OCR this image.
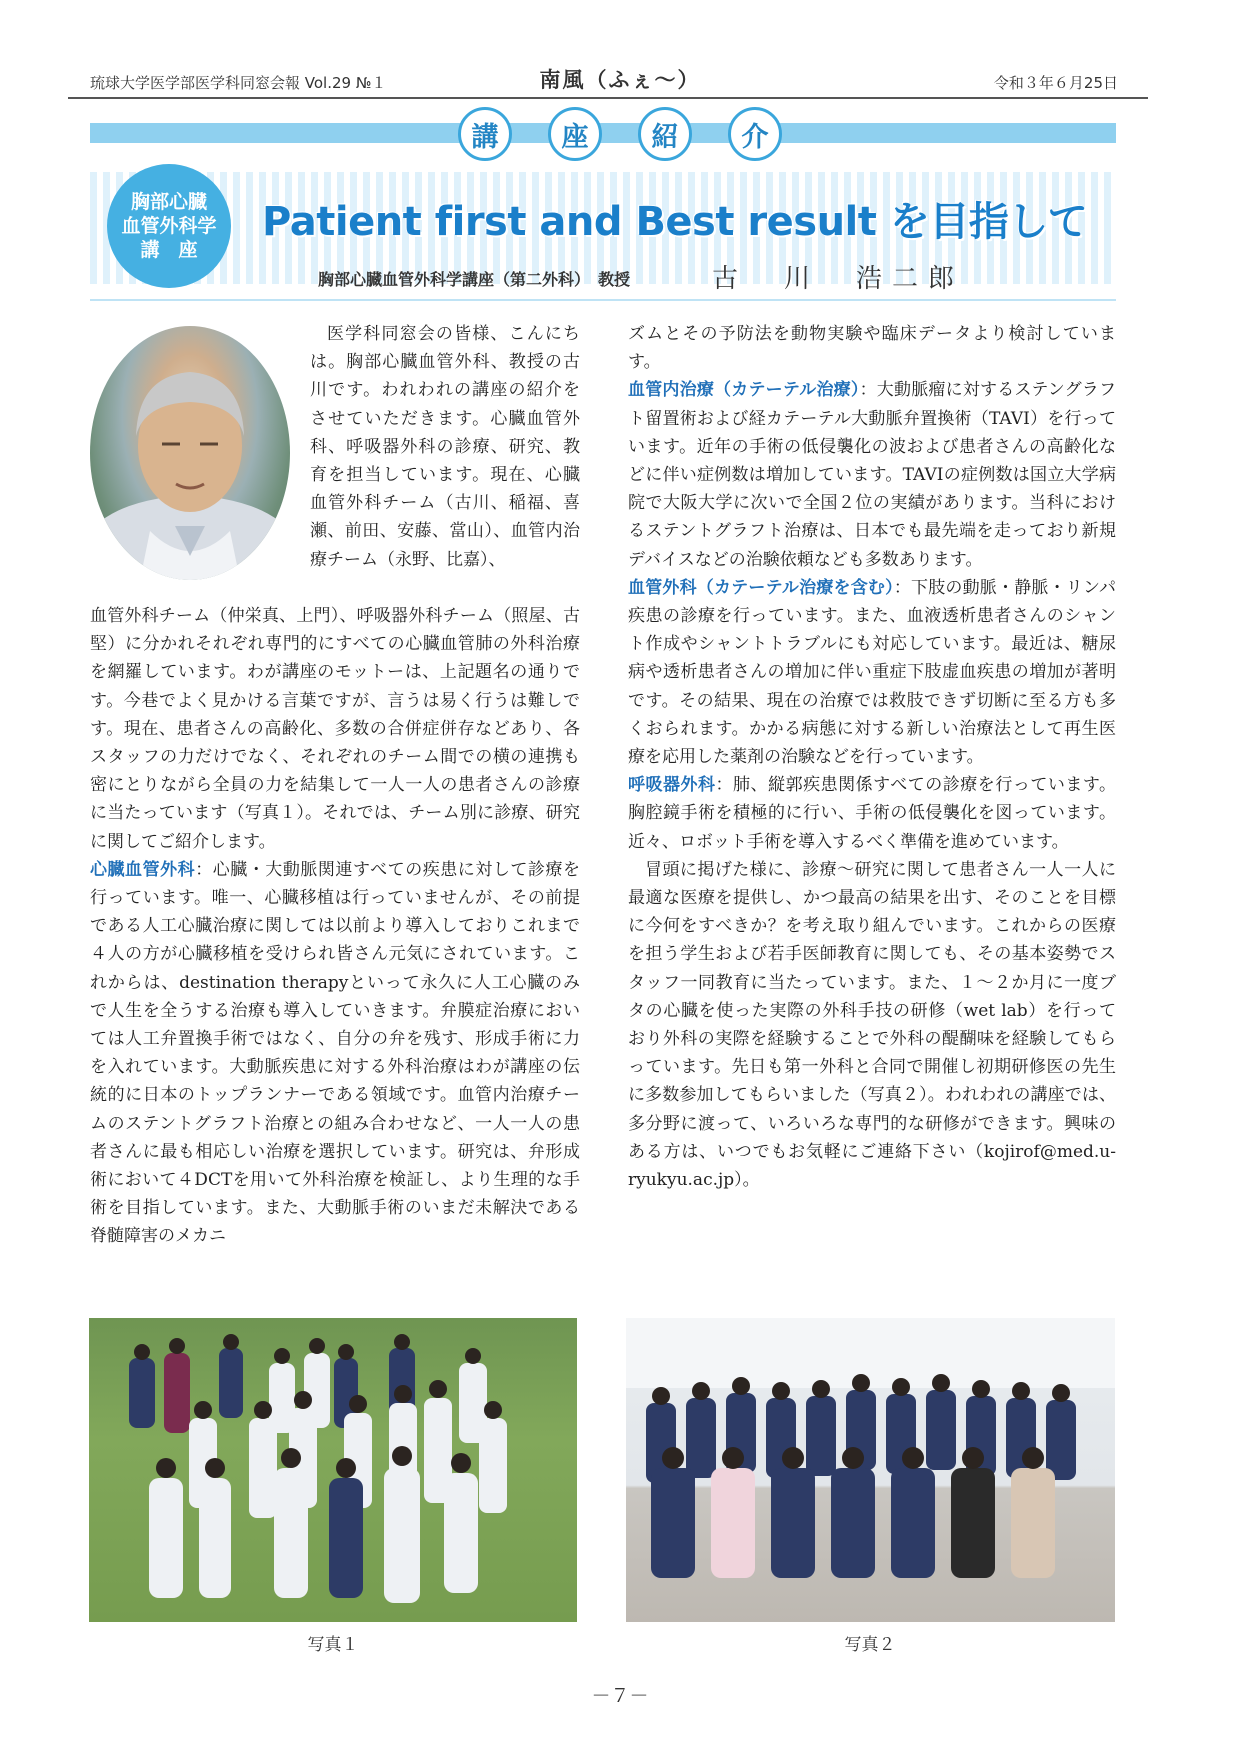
琉球大学医学部医学科同窓会報 Vol.29 №１	南風（ふぇ～）	令和３年６月25日
講	座	紹	介
胸部心臓
血管外科学
講　座
Patient first and Best result を目指して
胸部心臓血管外科学講座（第二外科）　教授	古　川　浩二郎

医学科同窓会の皆様、こんにちは。胸部心臓血管外科、教授の古川です。われわれの講座の紹介をさせていただきます。心臓血管外科、呼吸器外科の診療、研究、教育を担当しています。現在、心臓血管外科チーム（古川、稲福、喜瀬、前田、安藤、當山）、血管内治療チーム（永野、比嘉）、

血管外科チーム（仲栄真、上門）、呼吸器外科チーム（照屋、古堅）に分かれそれぞれ専門的にすべての心臓血管肺の外科治療を網羅しています。わが講座のモットーは、上記題名の通りです。今巷でよく見かける言葉ですが、言うは易く行うは難しです。現在、患者さんの高齢化、多数の合併症併存などあり、各スタッフの力だけでなく、それぞれのチーム間での横の連携も密にとりながら全員の力を結集して一人一人の患者さんの診療に当たっています（写真１）。それでは、チーム別に診療、研究に関してご紹介します。

心臓血管外科：心臓・大動脈関連すべての疾患に対して診療を行っています。唯一、心臓移植は行っていませんが、その前提である人工心臓治療に関しては以前より導入しておりこれまで４人の方が心臓移植を受けられ皆さん元気にされています。これからは、destination therapyといって永久に人工心臓のみで人生を全うする治療も導入していきます。弁膜症治療においては人工弁置換手術ではなく、自分の弁を残す、形成手術に力を入れています。大動脈疾患に対する外科治療はわが講座の伝統的に日本のトップランナーである領域です。血管内治療チームのステントグラフト治療との組み合わせなど、一人一人の患者さんに最も相応しい治療を選択しています。研究は、弁形成術において４DCTを用いて外科治療を検証し、より生理的な手術を目指しています。また、大動脈手術のいまだ未解決である脊髄障害のメカニ

ズムとその予防法を動物実験や臨床データより検討しています。

血管内治療（カテーテル治療）：大動脈瘤に対するステングラフト留置術および経カテーテル大動脈弁置換術（TAVI）を行っています。近年の手術の低侵襲化の波および患者さんの高齢化などに伴い症例数は増加しています。TAVIの症例数は国立大学病院で大阪大学に次いで全国２位の実績があります。当科におけるステントグラフト治療は、日本でも最先端を走っており新規デバイスなどの治験依頼なども多数あります。

血管外科（カテーテル治療を含む）：下肢の動脈・静脈・リンパ疾患の診療を行っています。また、血液透析患者さんのシャント作成やシャントトラブルにも対応しています。最近は、糖尿病や透析患者さんの増加に伴い重症下肢虚血疾患の増加が著明です。その結果、現在の治療では救肢できず切断に至る方も多くおられます。かかる病態に対する新しい治療法として再生医療を応用した薬剤の治験などを行っています。

呼吸器外科：肺、縦郭疾患関係すべての診療を行っています。胸腔鏡手術を積極的に行い、手術の低侵襲化を図っています。近々、ロボット手術を導入するべく準備を進めています。

冒頭に掲げた様に、診療～研究に関して患者さん一人一人に最適な医療を提供し、かつ最高の結果を出す、そのことを目標に今何をすべきか？を考え取り組んでいます。これからの医療を担う学生および若手医師教育に関しても、その基本姿勢でスタッフ一同教育に当たっています。また、１～２か月に一度ブタの心臓を使った実際の外科手技の研修（wet lab）を行っており外科の実際を経験することで外科の醍醐味を経験してもらっています。先日も第一外科と合同で開催し初期研修医の先生に多数参加してもらいました（写真２）。われわれの講座では、多分野に渡って、いろいろな専門的な研修ができます。興味のある方は、いつでもお気軽にご連絡下さい（kojirof@med.u-ryukyu.ac.jp）。

写真１	写真２
－７－
